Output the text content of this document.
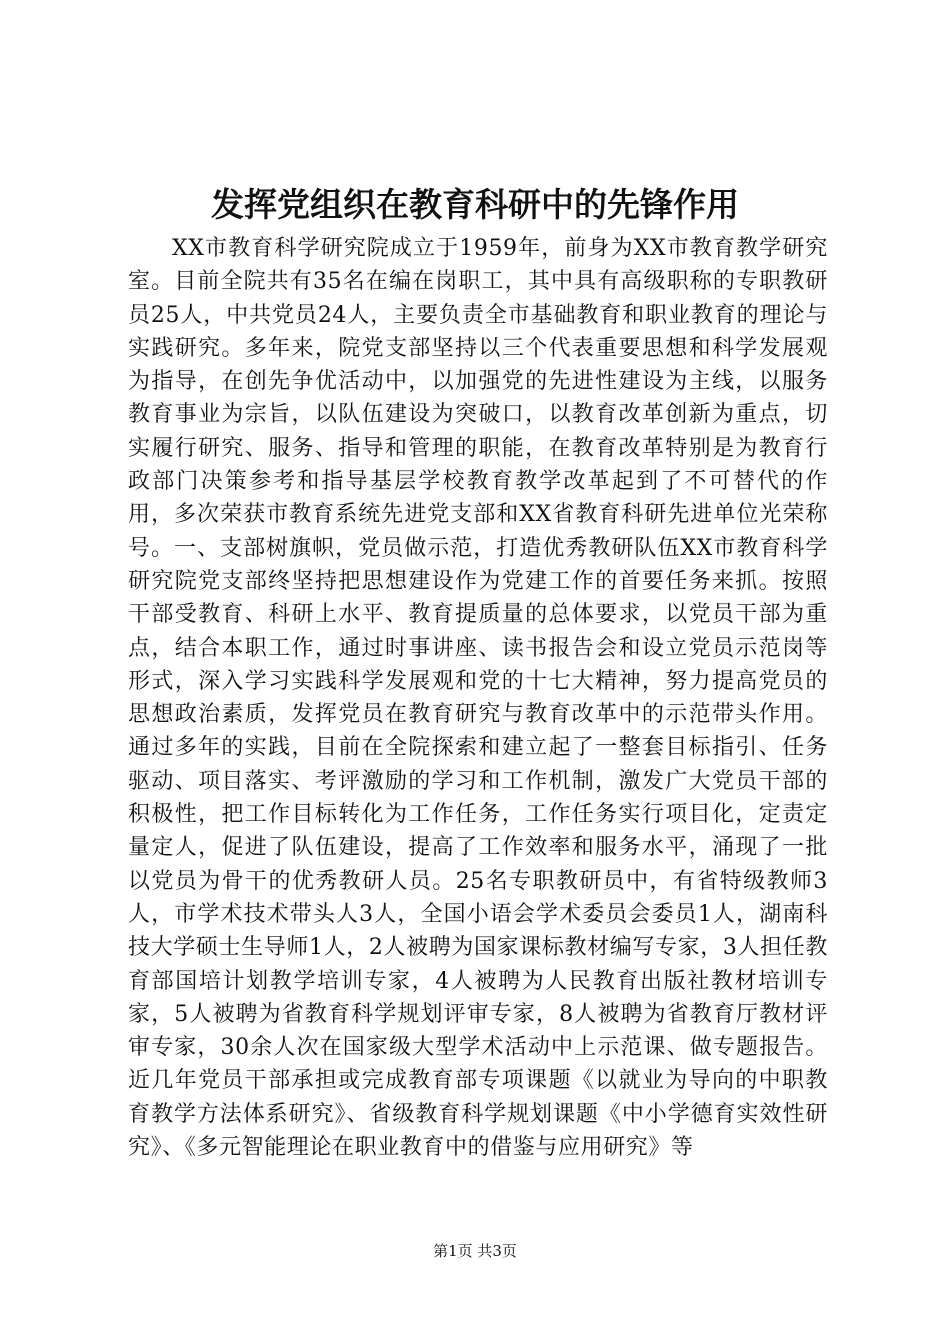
发挥党组织在教育科研中的先锋作用

XX市教育科学研究院成立于1959年，前身为XX市教育教学研究室。目前全院共有35名在编在岗职工，其中具有高级职称的专职教研员25人，中共党员24人，主要负责全市基础教育和职业教育的理论与实践研究。多年来，院党支部坚持以三个代表重要思想和科学发展观为指导，在创先争优活动中，以加强党的先进性建设为主线，以服务教育事业为宗旨，以队伍建设为突破口，以教育改革创新为重点，切实履行研究、服务、指导和管理的职能，在教育改革特别是为教育行政部门决策参考和指导基层学校教育教学改革起到了不可替代的作用，多次荣获市教育系统先进党支部和XX省教育科研先进单位光荣称号。一、支部树旗帜，党员做示范，打造优秀教研队伍XX市教育科学研究院党支部终坚持把思想建设作为党建工作的首要任务来抓。按照干部受教育、科研上水平、教育提质量的总体要求，以党员干部为重点，结合本职工作，通过时事讲座、读书报告会和设立党员示范岗等形式，深入学习实践科学发展观和党的十七大精神，努力提高党员的思想政治素质，发挥党员在教育研究与教育改革中的示范带头作用。通过多年的实践，目前在全院探索和建立起了一整套目标指引、任务驱动、项目落实、考评激励的学习和工作机制，激发广大党员干部的积极性，把工作目标转化为工作任务，工作任务实行项目化，定责定量定人，促进了队伍建设，提高了工作效率和服务水平，涌现了一批以党员为骨干的优秀教研人员。25名专职教研员中，有省特级教师3人，市学术技术带头人3人，全国小语会学术委员会委员1人，湖南科技大学硕士生导师1人，2人被聘为国家课标教材编写专家，3人担任教育部国培计划教学培训专家，4人被聘为人民教育出版社教材培训专家，5人被聘为省教育科学规划评审专家，8人被聘为省教育厅教材评审专家，30余人次在国家级大型学术活动中上示范课、做专题报告。近几年党员干部承担或完成教育部专项课题《以就业为导向的中职教育教学方法体系研究》、省级教育科学规划课题《中小学德育实效性研究》、《多元智能理论在职业教育中的借鉴与应用研究》等

第1页 共3页
